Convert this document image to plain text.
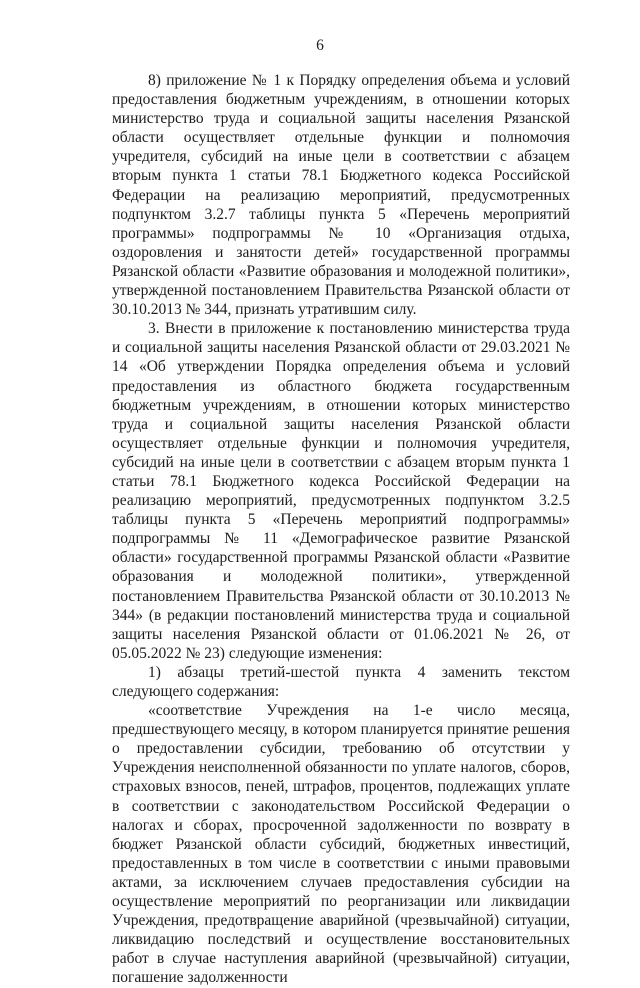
6

8) приложение № 1 к Порядку определения объема и условий предоставления бюджетным учреждениям, в отношении которых министерство труда и социальной защиты населения Рязанской области осуществляет отдельные функции и полномочия учредителя, субсидий на иные цели в соответствии с абзацем вторым пункта 1 статьи 78.1 Бюджетного кодекса Российской Федерации на реализацию мероприятий, предусмотренных подпунктом 3.2.7 таблицы пункта 5 «Перечень мероприятий программы» подпрограммы № 10 «Организация отдыха, оздоровления и занятости детей» государственной программы Рязанской области «Развитие образования и молодежной политики», утвержденной постановлением Правительства Рязанской области от 30.10.2013 № 344, признать утратившим силу.

3. Внести в приложение к постановлению министерства труда и социальной защиты населения Рязанской области от 29.03.2021 № 14 «Об утверждении Порядка определения объема и условий предоставления из областного бюджета государственным бюджетным учреждениям, в отношении которых министерство труда и социальной защиты населения Рязанской области осуществляет отдельные функции и полномочия учредителя, субсидий на иные цели в соответствии с абзацем вторым пункта 1 статьи 78.1 Бюджетного кодекса Российской Федерации на реализацию мероприятий, предусмотренных подпунктом 3.2.5 таблицы пункта 5 «Перечень мероприятий подпрограммы» подпрограммы № 11 «Демографическое развитие Рязанской области» государственной программы Рязанской области «Развитие образования и молодежной политики», утвержденной постановлением Правительства Рязанской области от 30.10.2013 № 344» (в редакции постановлений министерства труда и социальной защиты населения Рязанской области от 01.06.2021 № 26, от 05.05.2022 № 23) следующие изменения:

1) абзацы третий-шестой пункта 4 заменить текстом следующего содержания:

«соответствие Учреждения на 1-е число месяца, предшествующего месяцу, в котором планируется принятие решения о предоставлении субсидии, требованию об отсутствии у Учреждения неисполненной обязанности по уплате налогов, сборов, страховых взносов, пеней, штрафов, процентов, подлежащих уплате в соответствии с законодательством Российской Федерации о налогах и сборах, просроченной задолженности по возврату в бюджет Рязанской области субсидий, бюджетных инвестиций, предоставленных в том числе в соответствии с иными правовыми актами, за исключением случаев предоставления субсидии на осуществление мероприятий по реорганизации или ликвидации Учреждения, предотвращение аварийной (чрезвычайной) ситуации, ликвидацию последствий и осуществление восстановительных работ в случае наступления аварийной (чрезвычайной) ситуации, погашение задолженности
